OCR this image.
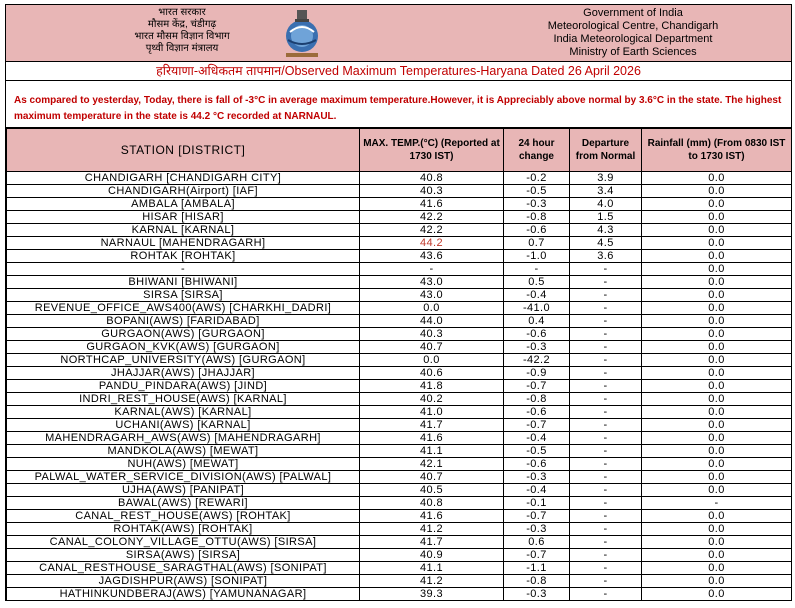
भारत सरकार
मौसम केंद्र, चंडीगढ़
भारत मौसम विज्ञान विभाग
पृथ्वी विज्ञान मंत्रालय
Government of India
Meteorological Centre, Chandigarh
India Meteorological Department
Ministry of Earth Sciences
हरियाणा-अधिकतम तापमान/Observed Maximum Temperatures-Haryana Dated 26 April 2026
As compared to yesterday, Today, there is fall of -3°C in average maximum temperature.However, it is Appreciably above normal by 3.6°C in the state. The highest maximum temperature in the state is 44.2 °C recorded at NARNAUL.
STATION [DISTRICT]	MAX. TEMP.(°C) (Reported at 1730 IST)	24 hour change	Departure from Normal	Rainfall (mm) (From 0830 IST to 1730 IST)
CHANDIGARH [CHANDIGARH CITY]	40.8	-0.2	3.9	0.0
CHANDIGARH(Airport) [IAF]	40.3	-0.5	3.4	0.0
AMBALA [AMBALA]	41.6	-0.3	4.0	0.0
HISAR [HISAR]	42.2	-0.8	1.5	0.0
KARNAL [KARNAL]	42.2	-0.6	4.3	0.0
NARNAUL [MAHENDRAGARH]	44.2	0.7	4.5	0.0
ROHTAK [ROHTAK]	43.6	-1.0	3.6	0.0
-	-	-	-	0.0
BHIWANI [BHIWANI]	43.0	0.5	-	0.0
SIRSA [SIRSA]	43.0	-0.4	-	0.0
REVENUE_OFFICE_AWS400(AWS) [CHARKHI_DADRI]	0.0	-41.0	-	0.0
BOPANI(AWS) [FARIDABAD]	44.0	0.4	-	0.0
GURGAON(AWS) [GURGAON]	40.3	-0.6	-	0.0
GURGAON_KVK(AWS) [GURGAON]	40.7	-0.3	-	0.0
NORTHCAP_UNIVERSITY(AWS) [GURGAON]	0.0	-42.2	-	0.0
JHAJJAR(AWS) [JHAJJAR]	40.6	-0.9	-	0.0
PANDU_PINDARA(AWS) [JIND]	41.8	-0.7	-	0.0
INDRI_REST_HOUSE(AWS) [KARNAL]	40.2	-0.8	-	0.0
KARNAL(AWS) [KARNAL]	41.0	-0.6	-	0.0
UCHANI(AWS) [KARNAL]	41.7	-0.7	-	0.0
MAHENDRAGARH_AWS(AWS) [MAHENDRAGARH]	41.6	-0.4	-	0.0
MANDKOLA(AWS) [MEWAT]	41.1	-0.5	-	0.0
NUH(AWS) [MEWAT]	42.1	-0.6	-	0.0
PALWAL_WATER_SERVICE_DIVISION(AWS) [PALWAL]	40.7	-0.3	-	0.0
UJHA(AWS) [PANIPAT]	40.5	-0.4	-	0.0
BAWAL(AWS) [REWARI]	40.8	-0.1	-	-
CANAL_REST_HOUSE(AWS) [ROHTAK]	41.6	-0.7	-	0.0
ROHTAK(AWS) [ROHTAK]	41.2	-0.3	-	0.0
CANAL_COLONY_VILLAGE_OTTU(AWS) [SIRSA]	41.7	0.6	-	0.0
SIRSA(AWS) [SIRSA]	40.9	-0.7	-	0.0
CANAL_RESTHOUSE_SARAGTHAL(AWS) [SONIPAT]	41.1	-1.1	-	0.0
JAGDISHPUR(AWS) [SONIPAT]	41.2	-0.8	-	0.0
HATHINKUNDBERAJ(AWS) [YAMUNANAGAR]	39.3	-0.3	-	0.0
